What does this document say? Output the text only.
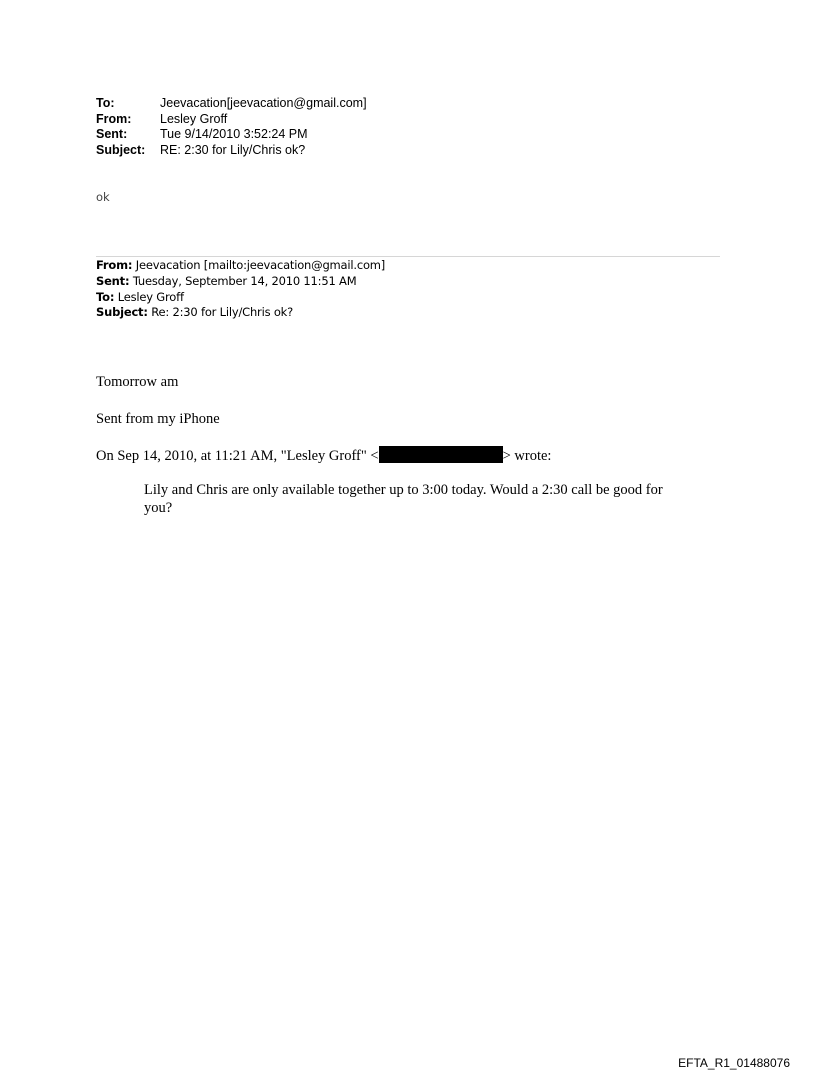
To:	Jeevacation[jeevacation@gmail.com]
From:	Lesley Groff
Sent:	Tue 9/14/2010 3:52:24 PM
Subject:	RE: 2:30 for Lily/Chris ok?
ok
From: Jeevacation [mailto:jeevacation@gmail.com]
Sent: Tuesday, September 14, 2010 11:51 AM
To: Lesley Groff
Subject: Re: 2:30 for Lily/Chris ok?
Tomorrow am
Sent from my iPhone
On Sep 14, 2010, at 11:21 AM, "Lesley Groff" <	> wrote:
Lily and Chris are only available together up to 3:00 today. Would a 2:30 call be good for you?
EFTA_R1_01488076
